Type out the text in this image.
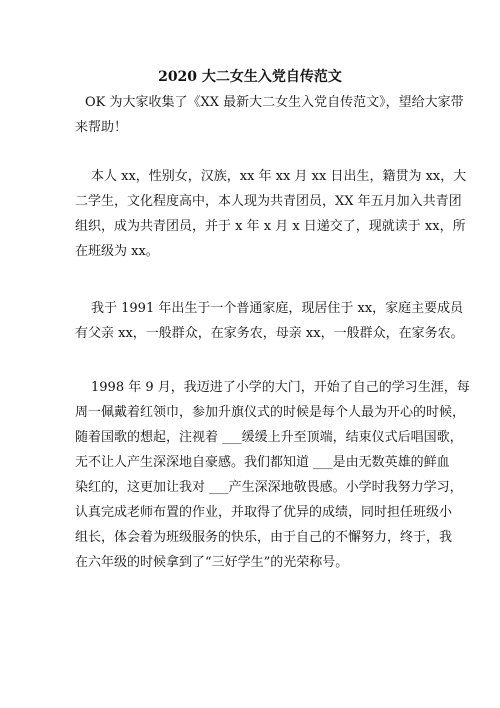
2020 大二女生入党自传范文
OK 为大家收集了《XX 最新大二女生入党自传范文》，望给大家带
来帮助！
本人 xx，性别女，汉族，xx 年 xx 月 xx 日出生，籍贯为 xx，大
二学生，文化程度高中，本人现为共青团员，XX 年五月加入共青团
组织，成为共青团员，并于 x 年 x 月 x 日递交了，现就读于 xx，所
在班级为 xx。
我于 1991 年出生于一个普通家庭，现居住于 xx，家庭主要成员
有父亲 xx，一般群众，在家务农，母亲 xx，一般群众，在家务农。
1998 年 9 月，我迈进了小学的大门，开始了自己的学习生涯，每
周一佩戴着红领巾，参加升旗仪式的时候是每个人最为开心的时候，
随着国歌的想起，注视着 ___缓缓上升至顶端，结束仪式后唱国歌，
无不让人产生深深地自豪感。我们都知道 ___是由无数英雄的鲜血
染红的，这更加让我对 ___产生深深地敬畏感。小学时我努力学习，
认真完成老师布置的作业，并取得了优异的成绩，同时担任班级小
组长，体会着为班级服务的快乐，由于自己的不懈努力，终于，我
在六年级的时候拿到了“三好学生”的光荣称号。
